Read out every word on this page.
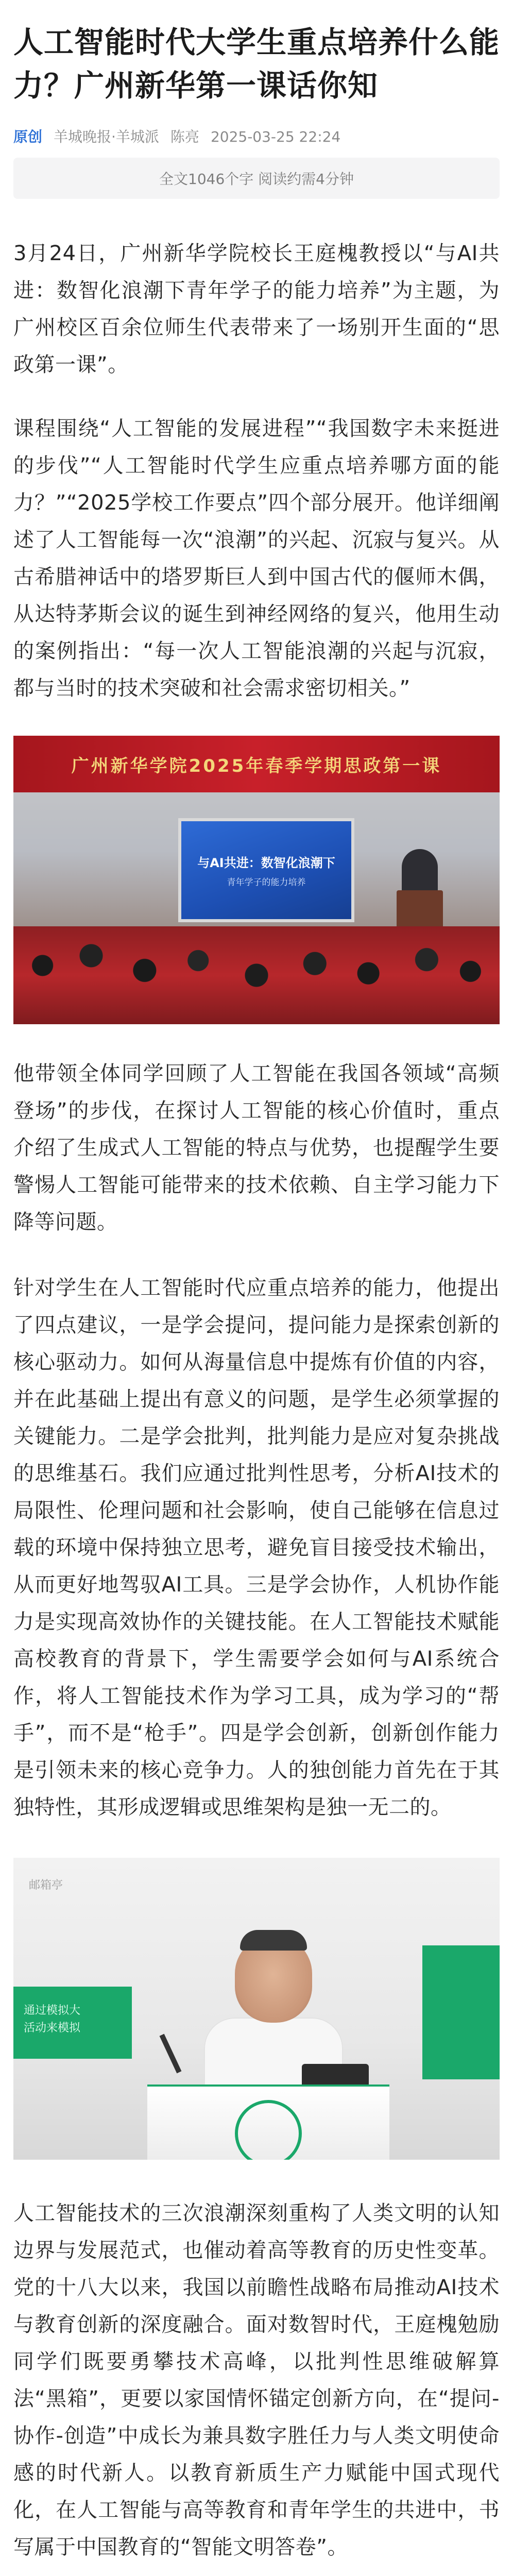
人工智能时代大学生重点培养什么能力？广州新华第一课话你知
原创 羊城晚报·羊城派 陈亮 2025-03-25 22:24
全文1046个字 阅读约需4分钟

3月24日，广州新华学院校长王庭槐教授以“与AI共进：数智化浪潮下青年学子的能力培养”为主题，为广州校区百余位师生代表带来了一场别开生面的“思政第一课”。

课程围绕“人工智能的发展进程”“我国数字未来挺进的步伐”“人工智能时代学生应重点培养哪方面的能力？”“2025学校工作要点”四个部分展开。他详细阐述了人工智能每一次“浪潮”的兴起、沉寂与复兴。从古希腊神话中的塔罗斯巨人到中国古代的偃师木偶，从达特茅斯会议的诞生到神经网络的复兴，他用生动的案例指出：“每一次人工智能浪潮的兴起与沉寂，都与当时的技术突破和社会需求密切相关。”

广州新华学院2025年春季学期思政第一课
与AI共进：数智化浪潮下
青年学子的能力培养

他带领全体同学回顾了人工智能在我国各领域“高频登场”的步伐，在探讨人工智能的核心价值时，重点介绍了生成式人工智能的特点与优势，也提醒学生要警惕人工智能可能带来的技术依赖、自主学习能力下降等问题。

针对学生在人工智能时代应重点培养的能力，他提出了四点建议，一是学会提问，提问能力是探索创新的核心驱动力。如何从海量信息中提炼有价值的内容，并在此基础上提出有意义的问题，是学生必须掌握的关键能力。二是学会批判，批判能力是应对复杂挑战的思维基石。我们应通过批判性思考，分析AI技术的局限性、伦理问题和社会影响，使自己能够在信息过载的环境中保持独立思考，避免盲目接受技术输出，从而更好地驾驭AI工具。三是学会协作，人机协作能力是实现高效协作的关键技能。在人工智能技术赋能高校教育的背景下，学生需要学会如何与AI系统合作，将人工智能技术作为学习工具，成为学习的“帮手”，而不是“枪手”。四是学会创新，创新创作能力是引领未来的核心竞争力。人的独创能力首先在于其独特性，其形成逻辑或思维架构是独一无二的。

邮箱亭
通过模拟大
活动来模拟

人工智能技术的三次浪潮深刻重构了人类文明的认知边界与发展范式，也催动着高等教育的历史性变革。党的十八大以来，我国以前瞻性战略布局推动AI技术与教育创新的深度融合。面对数智时代，王庭槐勉励同学们既要勇攀技术高峰，以批判性思维破解算法“黑箱”，更要以家国情怀锚定创新方向，在“提问-协作-创造”中成长为兼具数字胜任力与人类文明使命感的时代新人。以教育新质生产力赋能中国式现代化，在人工智能与高等教育和青年学生的共进中，书写属于中国教育的“智能文明答卷”。
